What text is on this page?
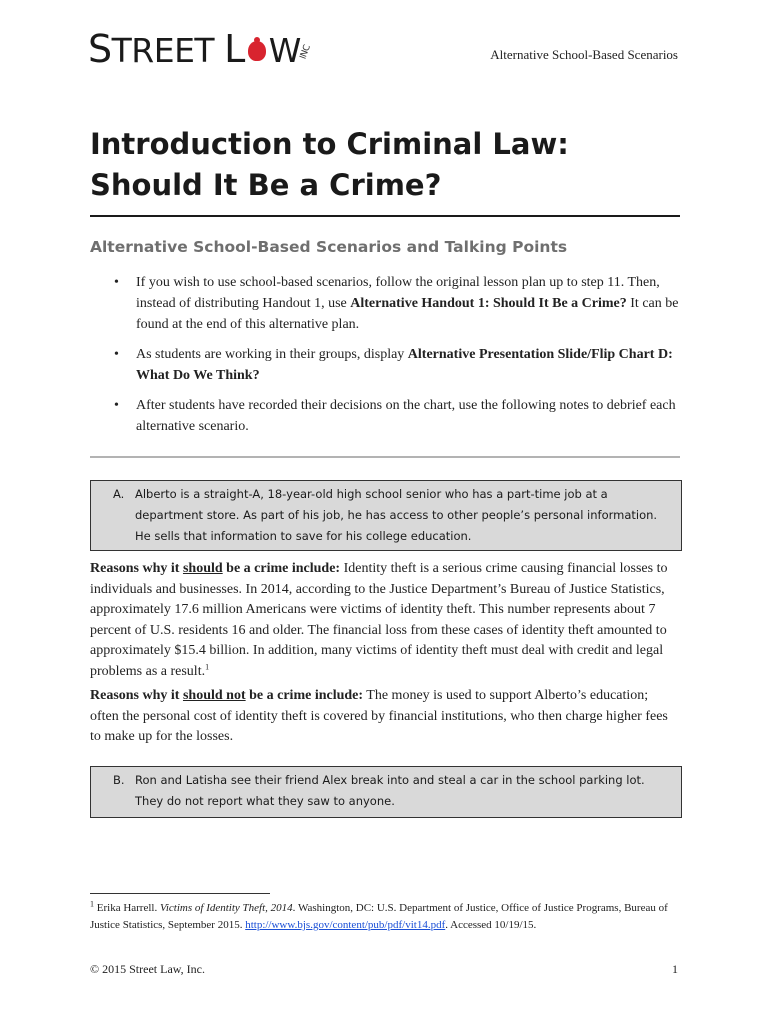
STREET L WINC	Alternative School-Based Scenarios
Introduction to Criminal Law: Should It Be a Crime?
Alternative School-Based Scenarios and Talking Points
• If you wish to use school-based scenarios, follow the original lesson plan up to step 11. Then, instead of distributing Handout 1, use Alternative Handout 1: Should It Be a Crime? It can be found at the end of this alternative plan.
• As students are working in their groups, display Alternative Presentation Slide/Flip Chart D: What Do We Think?
• After students have recorded their decisions on the chart, use the following notes to debrief each alternative scenario.
A. Alberto is a straight-A, 18-year-old high school senior who has a part-time job at a department store. As part of his job, he has access to other people’s personal information. He sells that information to save for his college education.

Reasons why it should be a crime include: Identity theft is a serious crime causing financial losses to individuals and businesses. In 2014, according to the Justice Department’s Bureau of Justice Statistics, approximately 17.6 million Americans were victims of identity theft. This number represents about 7 percent of U.S. residents 16 and older. The financial loss from these cases of identity theft amounted to approximately $15.4 billion. In addition, many victims of identity theft must deal with credit and legal problems as a result.$^1$

Reasons why it should not be a crime include: The money is used to support Alberto’s education; often the personal cost of identity theft is covered by financial institutions, who then charge higher fees to make up for the losses.

B. Ron and Latisha see their friend Alex break into and steal a car in the school parking lot. They do not report what they saw to anyone.

$^1$ Erika Harrell. Victims of Identity Theft, 2014. Washington, DC: U.S. Department of Justice, Office of Justice Programs, Bureau of Justice Statistics, September 2015. http://www.bjs.gov/content/pub/pdf/vit14.pdf. Accessed 10/19/15.

© 2015 Street Law, Inc.	1
